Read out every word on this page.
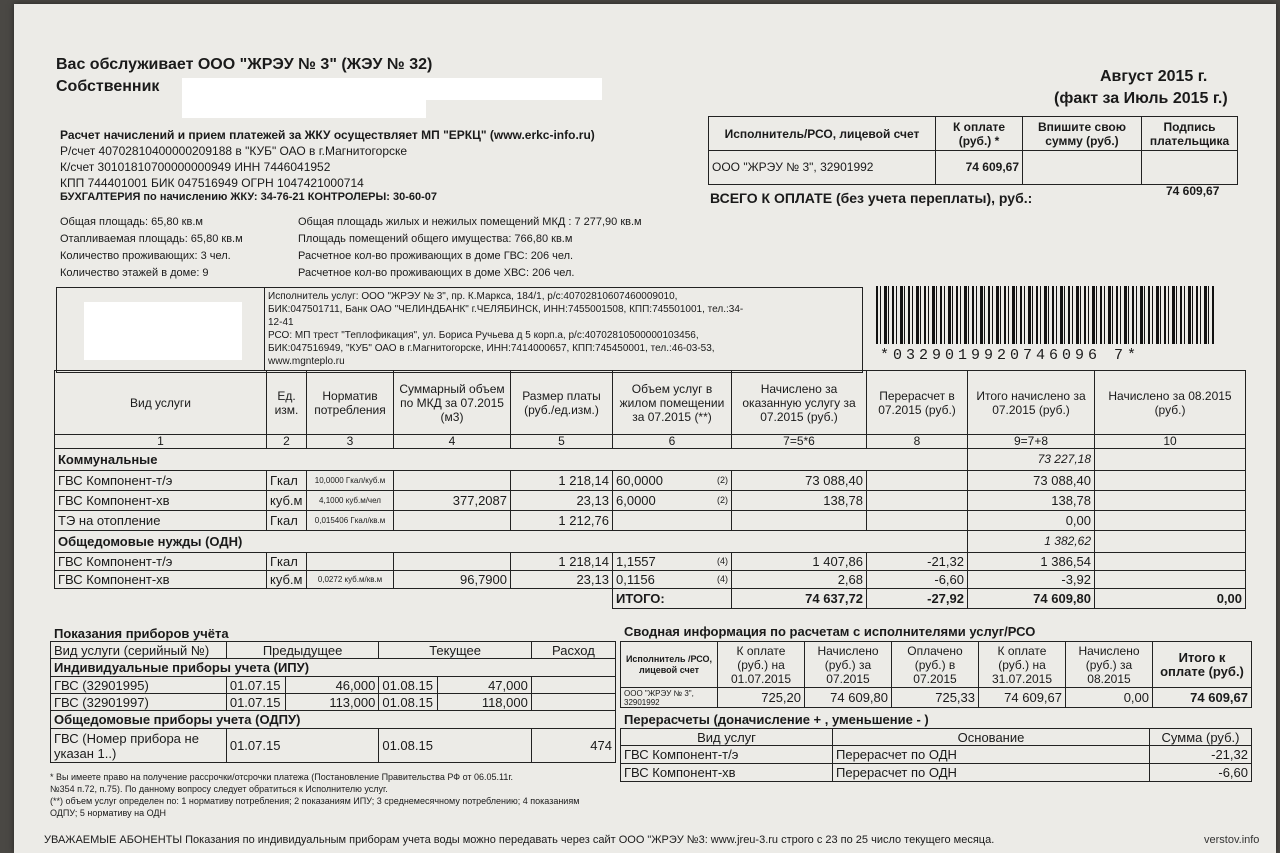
Вас обслуживает ООО "ЖРЭУ № 3" (ЖЭУ № 32)
Собственник
Август 2015 г.
(факт за Июль 2015 г.)
Расчет начислений и прием платежей за ЖКУ осуществляет МП "ЕРКЦ" (www.erkc-info.ru)
Р/счет 40702810400000209188 в "КУБ" ОАО в г.Магнитогорске
К/счет 30101810700000000949 ИНН 7446041952
КПП 744401001 БИК 047516949 ОГРН 1047421000714
БУХГАЛТЕРИЯ по начислению ЖКУ: 34-76-21 КОНТРОЛЕРЫ: 30-60-07
Исполнитель/РСО, лицевой счет	К оплате (руб.) *	Впишите свою сумму (руб.)	Подпись плательщика
ООО "ЖРЭУ № 3", 32901992	74 609,67		
ВСЕГО К ОПЛАТЕ (без учета переплаты), руб.:	74 609,67
Общая площадь: 65,80 кв.м
Отапливаемая площадь: 65,80 кв.м
Количество проживающих: 3 чел.
Количество этажей в доме: 9
Общая площадь жилых и нежилых помещений МКД : 7 277,90 кв.м
Площадь помещений общего имущества: 766,80 кв.м
Расчетное кол-во проживающих в доме ГВС: 206 чел.
Расчетное кол-во проживающих в доме ХВС: 206 чел.
Исполнитель услуг: ООО "ЖРЭУ № 3", пр. К.Маркса, 184/1, р/с:40702810607460009010,
БИК:047501711, Банк ОАО "ЧЕЛИНДБАНК" г.ЧЕЛЯБИНСК, ИНН:7455001508, КПП:745501001, тел.:34-
12-41
РСО: МП трест "Теплофикация", ул. Бориса Ручьева д 5 корп.а, р/с:40702810500000103456,
БИК:047516949, "КУБ" ОАО в г.Магнитогорске, ИНН:7414000657, КПП:745450001, тел.:46-03-53,
www.mgnteplo.ru	*0329019920746096 7*
Вид услуги	Ед. изм.	Норматив потребления	Суммарный объем по МКД за 07.2015 (м3)	Размер платы (руб./ед.изм.)	Объем услуг в жилом помещении за 07.2015 (**)	Начислено за оказанную услугу за 07.2015 (руб.)	Перерасчет в 07.2015 (руб.)	Итого начислено за 07.2015 (руб.)	Начислено за 08.2015 (руб.)
1	2	3	4	5	6	7=5*6	8	9=7+8	10
Коммунальные								73 227,18	
ГВС Компонент-т/э	Гкал	10,0000 Гкал/куб.м		1 218,14	60,0000 (2)	73 088,40		73 088,40	
ГВС Компонент-хв	куб.м	4,1000 куб.м/чел	377,2087	23,13	6,0000 (2)	138,78		138,78	
ТЭ на отопление	Гкал	0,015406 Гкал/кв.м		1 212,76				0,00	
Общедомовые нужды (ОДН)								1 382,62	
ГВС Компонент-т/э	Гкал			1 218,14	1,1557 (4)	1 407,86	-21,32	1 386,54	
ГВС Компонент-хв	куб.м	0,0272 куб.м/кв.м	96,7900	23,13	0,1156 (4)	2,68	-6,60	-3,92	
					ИТОГО:	74 637,72	-27,92	74 609,80	0,00
Показания приборов учёта
Вид услуги (серийный №)	Предыдущее		Текущее		Расход
Индивидуальные приборы учета (ИПУ)					
ГВС (32901995)	01.07.15	46,000	01.08.15	47,000	
ГВС (32901997)	01.07.15	113,000	01.08.15	118,000	
Общедомовые приборы учета (ОДПУ)					
ГВС (Номер прибора не указан 1..)	01.07.15		01.08.15		474
Сводная информация по расчетам с исполнителями услуг/РСО
Исполнитель /РСО, лицевой счет	К оплате (руб.) на 01.07.2015	Начислено (руб.) за 07.2015	Оплачено (руб.) в 07.2015	К оплате (руб.) на 31.07.2015	Начислено (руб.) за 08.2015	Итого к оплате (руб.)
ООО "ЖРЭУ № 3", 32901992	725,20	74 609,80	725,33	74 609,67	0,00	74 609,67
Перерасчеты (доначисление + , уменьшение - )
Вид услуг	Основание	Сумма (руб.)
ГВС Компонент-т/э	Перерасчет по ОДН	-21,32
ГВС Компонент-хв	Перерасчет по ОДН	-6,60
* Вы имеете право на получение рассрочки/отсрочки платежа (Постановление Правительства РФ от 06.05.11г.
№354 п.72, п.75). По данному вопросу следует обратиться к Исполнителю услуг.
(**) объем услуг определен по: 1 нормативу потребления; 2 показаниям ИПУ; 3 среднемесячному потреблению; 4 показаниям
ОДПУ; 5 нормативу на ОДН
УВАЖАЕМЫЕ АБОНЕНТЫ Показания по индивидуальным приборам учета воды можно передавать через сайт ООО "ЖРЭУ №3: www.jreu-3.ru строго с 23 по 25 число текущего месяца.	verstov.info
